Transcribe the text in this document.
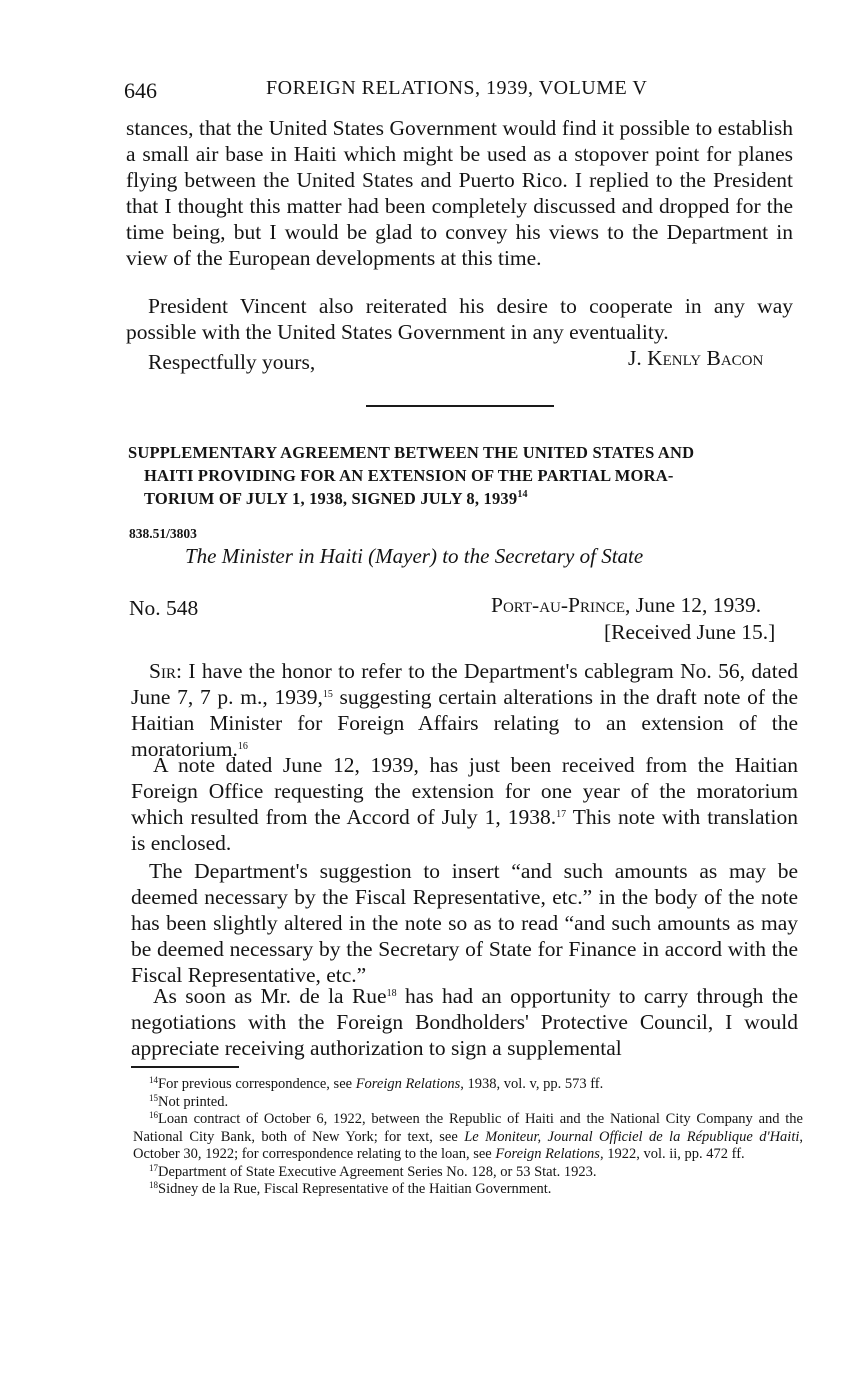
646	FOREIGN RELATIONS, 1939, VOLUME V
stances, that the United States Government would find it possible to establish a small air base in Haiti which might be used as a stopover point for planes flying between the United States and Puerto Rico. I replied to the President that I thought this matter had been completely discussed and dropped for the time being, but I would be glad to convey his views to the Department in view of the European developments at this time.
President Vincent also reiterated his desire to cooperate in any way possible with the United States Government in any eventuality.
Respectfully yours,	J. Kenly Bacon
SUPPLEMENTARY AGREEMENT BETWEEN THE UNITED STATES AND
HAITI PROVIDING FOR AN EXTENSION OF THE PARTIAL MORA-
TORIUM OF JULY 1, 1938, SIGNED JULY 8, 1939$^{14}$
838.51/3803
The Minister in Haiti (Mayer) to the Secretary of State
No. 548	Port-au-Prince, June 12, 1939.
[Received June 15.]
Sir: I have the honor to refer to the Department's cablegram No. 56, dated June 7, 7 p. m., 1939,15 suggesting certain alterations in the draft note of the Haitian Minister for Foreign Affairs relating to an extension of the moratorium.$^{16}$
A note dated June 12, 1939, has just been received from the Haitian Foreign Office requesting the extension for one year of the moratorium which resulted from the Accord of July 1, 1938.17 This note with translation is enclosed.
The Department's suggestion to insert “and such amounts as may be deemed necessary by the Fiscal Representative, etc.” in the body of the note has been slightly altered in the note so as to read “and such amounts as may be deemed necessary by the Secretary of State for Finance in accord with the Fiscal Representative, etc.”
As soon as Mr. de la Rue$^{18}$ has had an opportunity to carry through the negotiations with the Foreign Bondholders' Protective Council, I would appreciate receiving authorization to sign a supplemental
$^{14}$For previous correspondence, see Foreign Relations, 1938, vol. v, pp. 573 ff.
$^{15}$Not printed.
$^{16}$Loan contract of October 6, 1922, between the Republic of Haiti and the National City Company and the National City Bank, both of New York; for text, see Le Moniteur, Journal Officiel de la République d'Haiti, October 30, 1922; for correspondence relating to the loan, see Foreign Relations, 1922, vol. ii, pp. 472 ff.
$^{17}$Department of State Executive Agreement Series No. 128, or 53 Stat. 1923.
$^{18}$Sidney de la Rue, Fiscal Representative of the Haitian Government.
